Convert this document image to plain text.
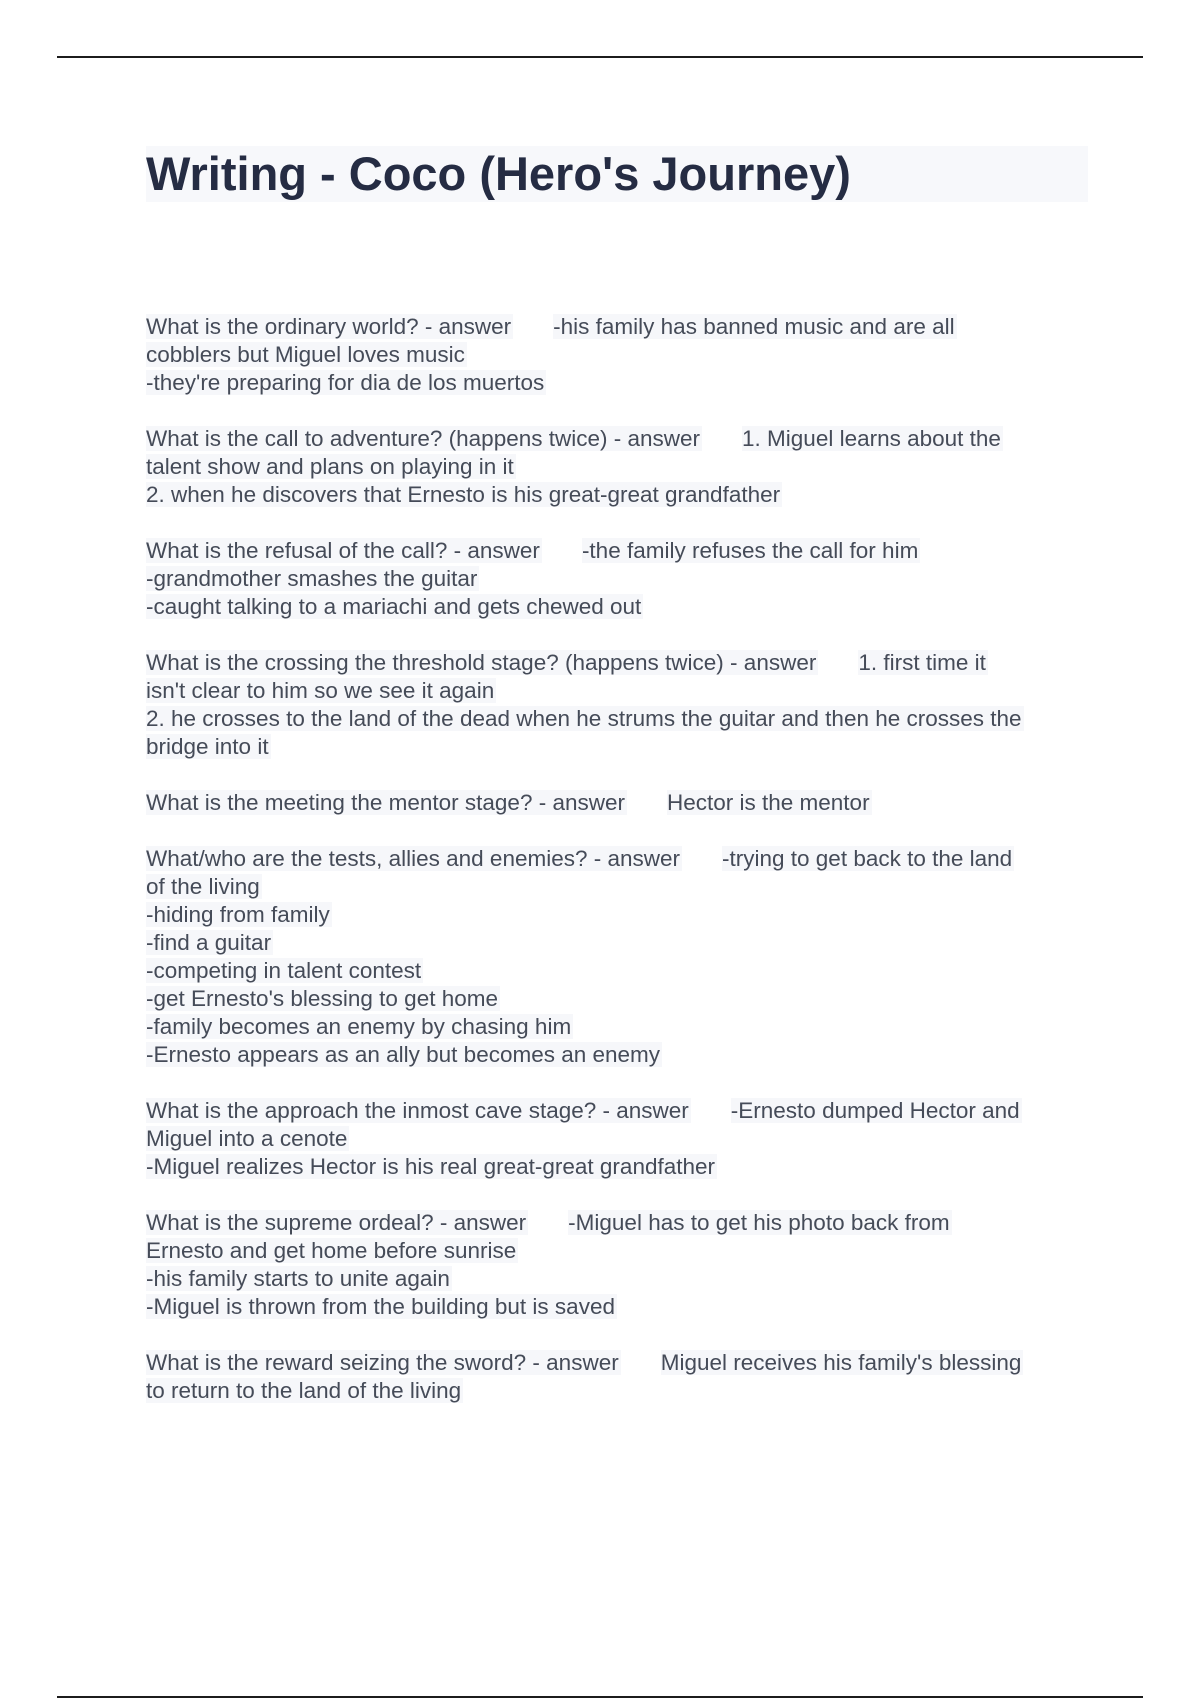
Writing - Coco (Hero's Journey)
What is the ordinary world? - answer -his family has banned music and are all
cobblers but Miguel loves music
-they're preparing for dia de los muertos
What is the call to adventure? (happens twice) - answer 1. Miguel learns about the
talent show and plans on playing in it
2. when he discovers that Ernesto is his great-great grandfather
What is the refusal of the call? - answer -the family refuses the call for him
-grandmother smashes the guitar
-caught talking to a mariachi and gets chewed out
What is the crossing the threshold stage? (happens twice) - answer 1. first time it
isn't clear to him so we see it again
2. he crosses to the land of the dead when he strums the guitar and then he crosses the
bridge into it
What is the meeting the mentor stage? - answer Hector is the mentor
What/who are the tests, allies and enemies? - answer -trying to get back to the land
of the living
-hiding from family
-find a guitar
-competing in talent contest
-get Ernesto's blessing to get home
-family becomes an enemy by chasing him
-Ernesto appears as an ally but becomes an enemy
What is the approach the inmost cave stage? - answer -Ernesto dumped Hector and
Miguel into a cenote
-Miguel realizes Hector is his real great-great grandfather
What is the supreme ordeal? - answer -Miguel has to get his photo back from
Ernesto and get home before sunrise
-his family starts to unite again
-Miguel is thrown from the building but is saved
What is the reward seizing the sword? - answer Miguel receives his family's blessing
to return to the land of the living
